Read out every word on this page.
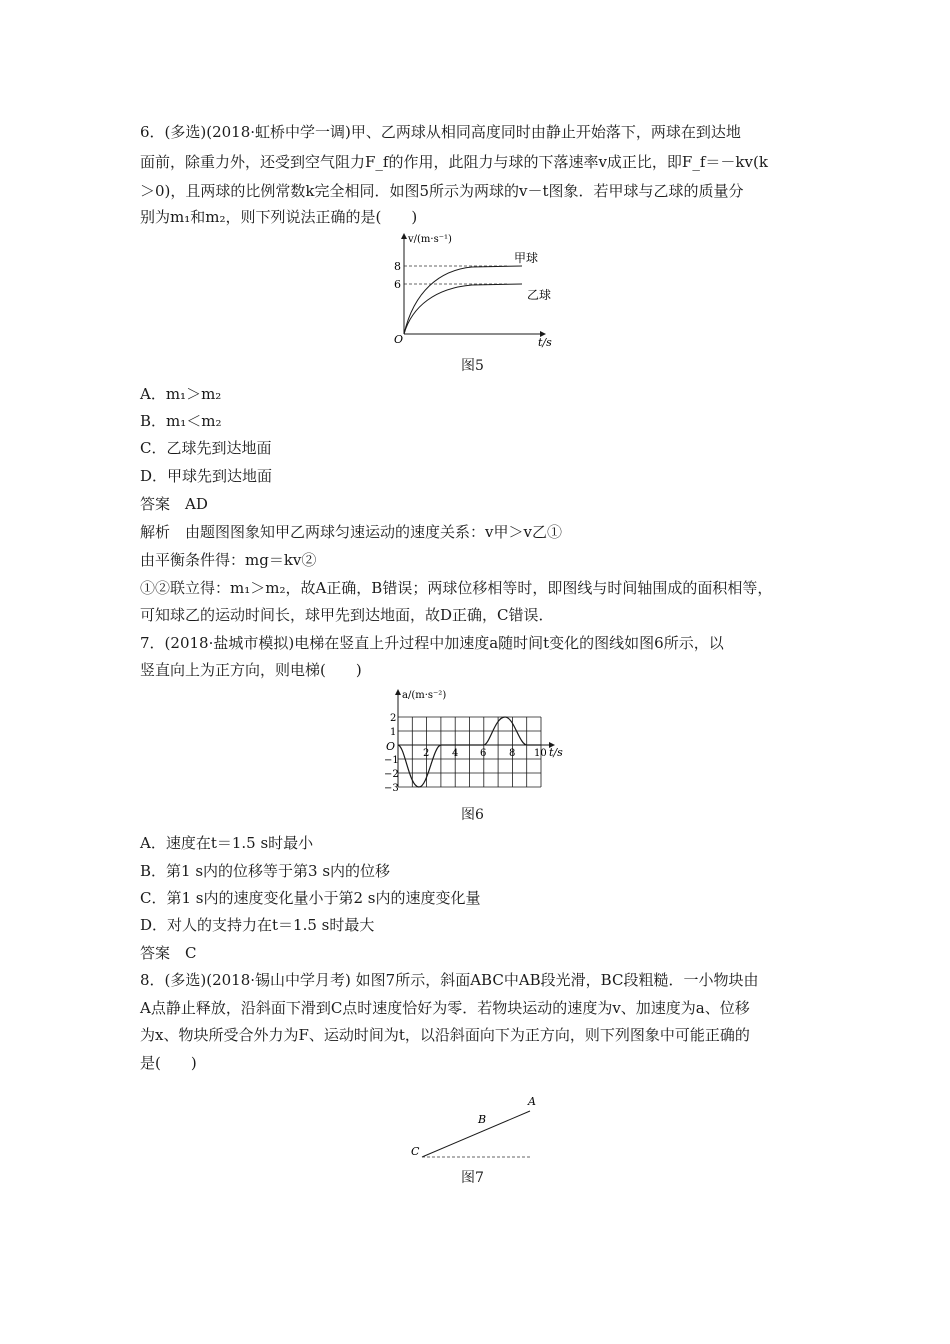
6．(多选)(2018·虹桥中学一调)甲、乙两球从相同高度同时由静止开始落下，两球在到达地
面前，除重力外，还受到空气阻力F_f的作用，此阻力与球的下落速率v成正比，即F_f＝－kv(k
＞0)，且两球的比例常数k完全相同．如图5所示为两球的v－t图象．若甲球与乙球的质量分
别为m₁和m₂，则下列说法正确的是(　　)
v/(m·s⁻¹)
t/s
O
8
6
甲球
乙球
图5
A．m₁＞m₂
B．m₁＜m₂
C．乙球先到达地面
D．甲球先到达地面
答案　AD
解析　由题图图象知甲乙两球匀速运动的速度关系：v甲＞v乙①
由平衡条件得：mg＝kv②
①②联立得：m₁＞m₂，故A正确，B错误；两球位移相等时，即图线与时间轴围成的面积相等，
可知球乙的运动时间长，球甲先到达地面，故D正确，C错误．
7．(2018·盐城市模拟)电梯在竖直上升过程中加速度a随时间t变化的图线如图6所示，以
竖直向上为正方向，则电梯(　　)
a/(m·s⁻²)
t/s
O
2
1
−1
−2
−3
2 4 6 8 10
图6
A．速度在t＝1.5 s时最小
B．第1 s内的位移等于第3 s内的位移
C．第1 s内的速度变化量小于第2 s内的速度变化量
D．对人的支持力在t＝1.5 s时最大
答案　C
8．(多选)(2018·锡山中学月考) 如图7所示，斜面ABC中AB段光滑，BC段粗糙．一小物块由
A点静止释放，沿斜面下滑到C点时速度恰好为零．若物块运动的速度为v、加速度为a、位移
为x、物块所受合外力为F、运动时间为t，以沿斜面向下为正方向，则下列图象中可能正确的
是(　　)
A
B
C
图7
